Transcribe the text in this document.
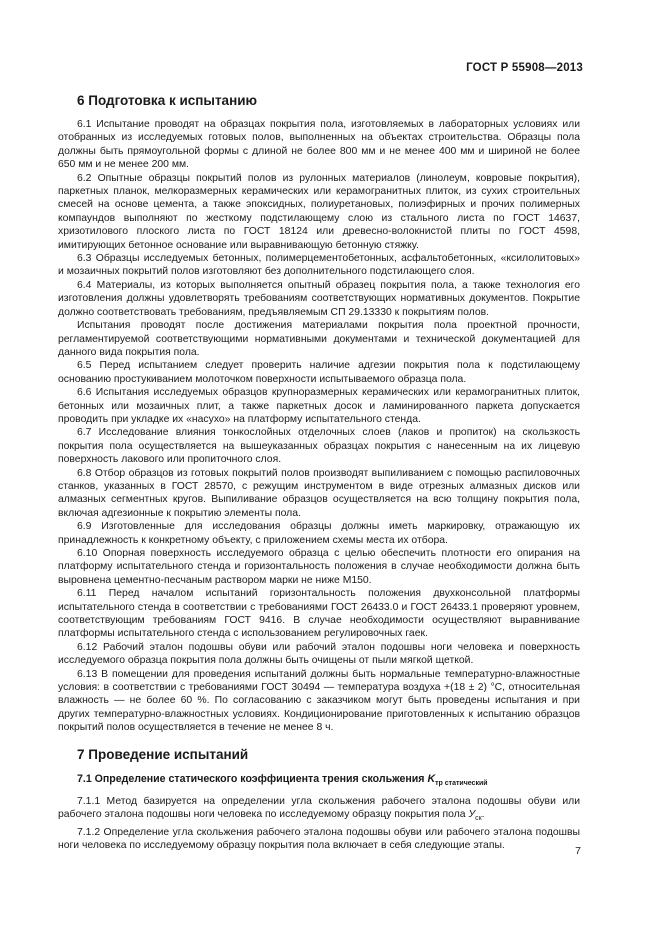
ГОСТ Р 55908—2013
6 Подготовка к испытанию

6.1 Испытание проводят на образцах покрытия пола, изготовляемых в лабораторных условиях или отобранных из исследуемых готовых полов, выполненных на объектах строительства. Образцы пола должны быть прямоугольной формы с длиной не более 800 мм и не менее 400 мм и шириной не более 650 мм и не менее 200 мм.

6.2 Опытные образцы покрытий полов из рулонных материалов (линолеум, ковровые покрытия), паркетных планок, мелкоразмерных керамических или керамогранитных плиток, из сухих строительных смесей на основе цемента, а также эпоксидных, полиуретановых, полиэфирных и прочих полимерных компаундов выполняют по жесткому подстилающему слою из стального листа по ГОСТ 14637, хризотилового плоского листа по ГОСТ 18124 или древесно-волокнистой плиты по ГОСТ 4598, имитирующих бетонное основание или выравнивающую бетонную стяжку.

6.3 Образцы исследуемых бетонных, полимерцементобетонных, асфальтобетонных, «ксилолитовых» и мозаичных покрытий полов изготовляют без дополнительного подстилающего слоя.

6.4 Материалы, из которых выполняется опытный образец покрытия пола, а также технология его изготовления должны удовлетворять требованиям соответствующих нормативных документов. Покрытие должно соответствовать требованиям, предъявляемым СП 29.13330 к покрытиям полов.

Испытания проводят после достижения материалами покрытия пола проектной прочности, регламентируемой соответствующими нормативными документами и технической документацией для данного вида покрытия пола.

6.5 Перед испытанием следует проверить наличие адгезии покрытия пола к подстилающему основанию простукиванием молоточком поверхности испытываемого образца пола.

6.6 Испытания исследуемых образцов крупноразмерных керамических или керамогранитных плиток, бетонных или мозаичных плит, а также паркетных досок и ламинированного паркета допускается проводить при укладке их «насухо» на платформу испытательного стенда.

6.7 Исследование влияния тонкослойных отделочных слоев (лаков и пропиток) на скользкость покрытия пола осуществляется на вышеуказанных образцах покрытия с нанесенным на их лицевую поверхность лакового или пропиточного слоя.

6.8 Отбор образцов из готовых покрытий полов производят выпиливанием с помощью распиловочных станков, указанных в ГОСТ 28570, с режущим инструментом в виде отрезных алмазных дисков или алмазных сегментных кругов. Выпиливание образцов осуществляется на всю толщину покрытия пола, включая адгезионные к покрытию элементы пола.

6.9 Изготовленные для исследования образцы должны иметь маркировку, отражающую их принадлежность к конкретному объекту, с приложением схемы места их отбора.

6.10 Опорная поверхность исследуемого образца с целью обеспечить плотности его опирания на платформу испытательного стенда и горизонтальность положения в случае необходимости должна быть выровнена цементно-песчаным раствором марки не ниже М150.

6.11 Перед началом испытаний горизонтальность положения двухконсольной платформы испытательного стенда в соответствии с требованиями ГОСТ 26433.0 и ГОСТ 26433.1 проверяют уровнем, соответствующим требованиям ГОСТ 9416. В случае необходимости осуществляют выравнивание платформы испытательного стенда с использованием регулировочных гаек.

6.12 Рабочий эталон подошвы обуви или рабочий эталон подошвы ноги человека и поверхность исследуемого образца покрытия пола должны быть очищены от пыли мягкой щеткой.

6.13 В помещении для проведения испытаний должны быть нормальные температурно-влажностные условия: в соответствии с требованиями ГОСТ 30494 — температура воздуха +(18 ± 2) °С, относительная влажность — не более 60 %. По согласованию с заказчиком могут быть проведены испытания и при других температурно-влажностных условиях. Кондиционирование приготовленных к испытанию образцов покрытий полов осуществляется в течение не менее 8 ч.

7 Проведение испытаний
7.1 Определение статического коэффициента трения скольжения $K_{тр статический}$

7.1.1 Метод базируется на определении угла скольжения рабочего эталона подошвы обуви или рабочего эталона подошвы ноги человека по исследуемому образцу покрытия пола $У_{ск}$.

7.1.2 Определение угла скольжения рабочего эталона подошвы обуви или рабочего эталона подошвы ноги человека по исследуемому образцу покрытия пола включает в себя следующие этапы.	7
